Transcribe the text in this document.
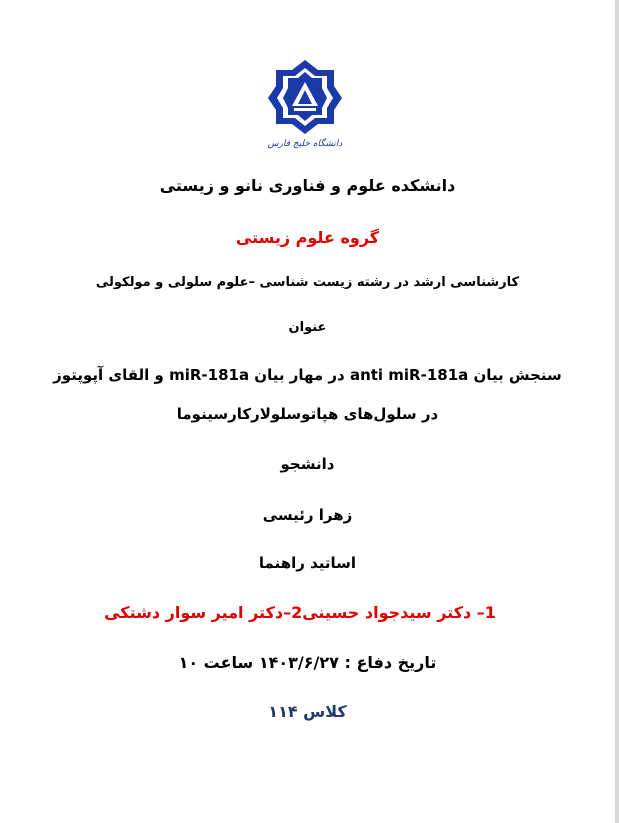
دانشگاه خلیج فارس
دانشکده علوم و فناوری نانو و زیستی
گروه علوم زیستی
کارشناسی ارشد در رشته زیست شناسی –علوم سلولی و مولکولی
عنوان
سنجش بیان anti miR-181a در مهار بیان miR-181a و القای آپوپتوز
در سلول‌های هپاتوسلولارکارسینوما
دانشجو
زهرا رئیسی
اساتید راهنما
1– دکتر سیدجواد حسینی2–دکتر امیر سوار دشتکی
تاریخ دفاع : ۱۴۰۳/۶/۲۷ ساعت ۱۰
کلاس ۱۱۴
